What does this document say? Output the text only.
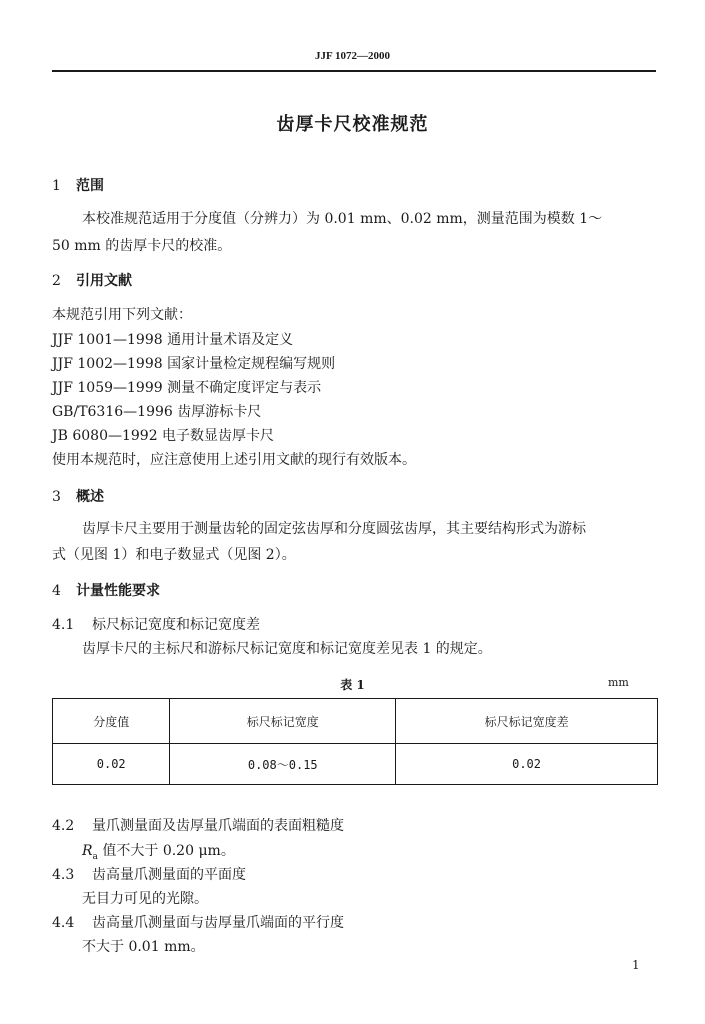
JJF 1072—2000
齿厚卡尺校准规范
1 范围
本校准规范适用于分度值（分辨力）为 0.01 mm、0.02 mm，测量范围为模数 1～
50 mm 的齿厚卡尺的校准。
2 引用文献
本规范引用下列文献：
JJF 1001—1998 通用计量术语及定义
JJF 1002—1998 国家计量检定规程编写规则
JJF 1059—1999 测量不确定度评定与表示
GB/T6316—1996 齿厚游标卡尺
JB 6080—1992 电子数显齿厚卡尺
使用本规范时，应注意使用上述引用文献的现行有效版本。
3 概述
齿厚卡尺主要用于测量齿轮的固定弦齿厚和分度圆弦齿厚，其主要结构形式为游标
式（见图 1）和电子数显式（见图 2）。
4 计量性能要求
4.1 标尺标记宽度和标记宽度差
齿厚卡尺的主标尺和游标尺标记宽度和标记宽度差见表 1 的规定。
表 1	mm
分度值	标尺标记宽度	标尺标记宽度差
0.02	0.08～0.15	0.02
4.2 量爪测量面及齿厚量爪端面的表面粗糙度
$R_a$ 值不大于 0.20 μm。
4.3 齿高量爪测量面的平面度
无目力可见的光隙。
4.4 齿高量爪测量面与齿厚量爪端面的平行度
不大于 0.01 mm。
1
